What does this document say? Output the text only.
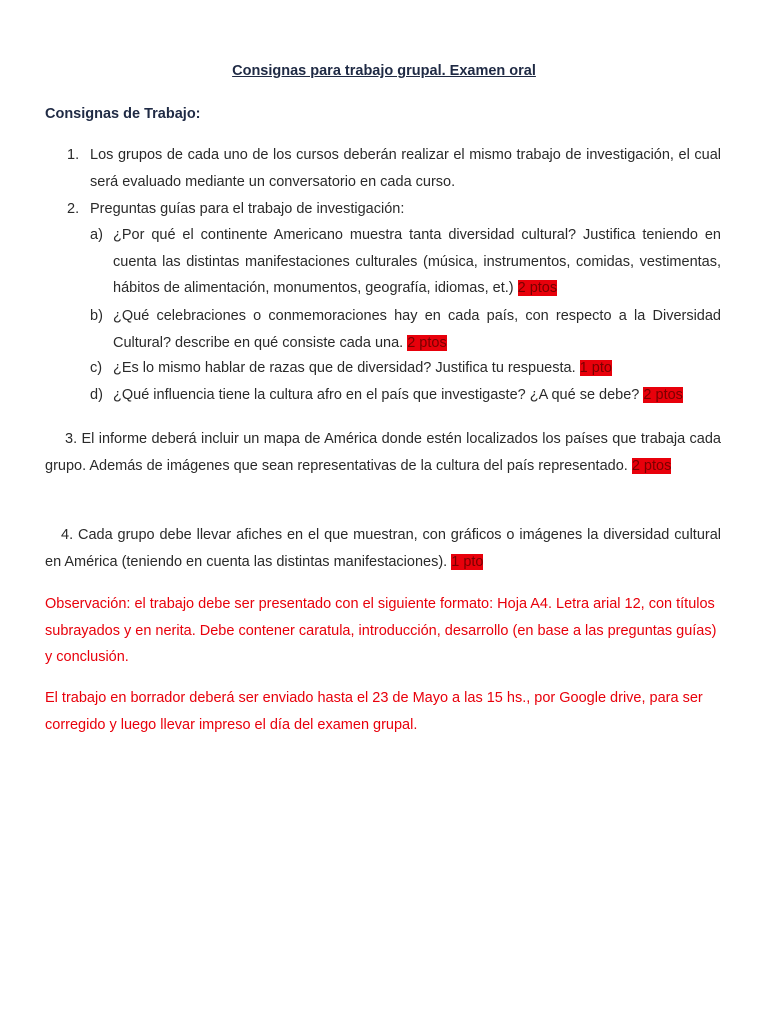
Consignas para trabajo grupal. Examen oral
Consignas de Trabajo:
1. Los grupos de cada uno de los cursos deberán realizar el mismo trabajo de investigación, el cual será evaluado mediante un conversatorio en cada curso.
2. Preguntas guías para el trabajo de investigación:
a) ¿Por qué el continente Americano muestra tanta diversidad cultural? Justifica teniendo en cuenta las distintas manifestaciones culturales (música, instrumentos, comidas, vestimentas, hábitos de alimentación, monumentos, geografía, idiomas, et.) 2 ptos
b) ¿Qué celebraciones o conmemoraciones hay en cada país, con respecto a la Diversidad Cultural? describe en qué consiste cada una. 2 ptos
c) ¿Es lo mismo hablar de razas que de diversidad? Justifica tu respuesta. 1 pto
d) ¿Qué influencia tiene la cultura afro en el país que investigaste? ¿A qué se debe? 2 ptos
3. El informe deberá incluir un mapa de América donde estén localizados los países que trabaja cada grupo. Además de imágenes que sean representativas de la cultura del país representado. 2 ptos
4. Cada grupo debe llevar afiches en el que muestran, con gráficos o imágenes la diversidad cultural en América (teniendo en cuenta las distintas manifestaciones). 1 pto
Observación: el trabajo debe ser presentado con el siguiente formato: Hoja A4. Letra arial 12, con títulos subrayados y en nerita. Debe contener caratula, introducción, desarrollo (en base a las preguntas guías) y conclusión.
El trabajo en borrador deberá ser enviado hasta el 23 de Mayo a las 15 hs., por Google drive, para ser corregido y luego llevar impreso el día del examen grupal.
